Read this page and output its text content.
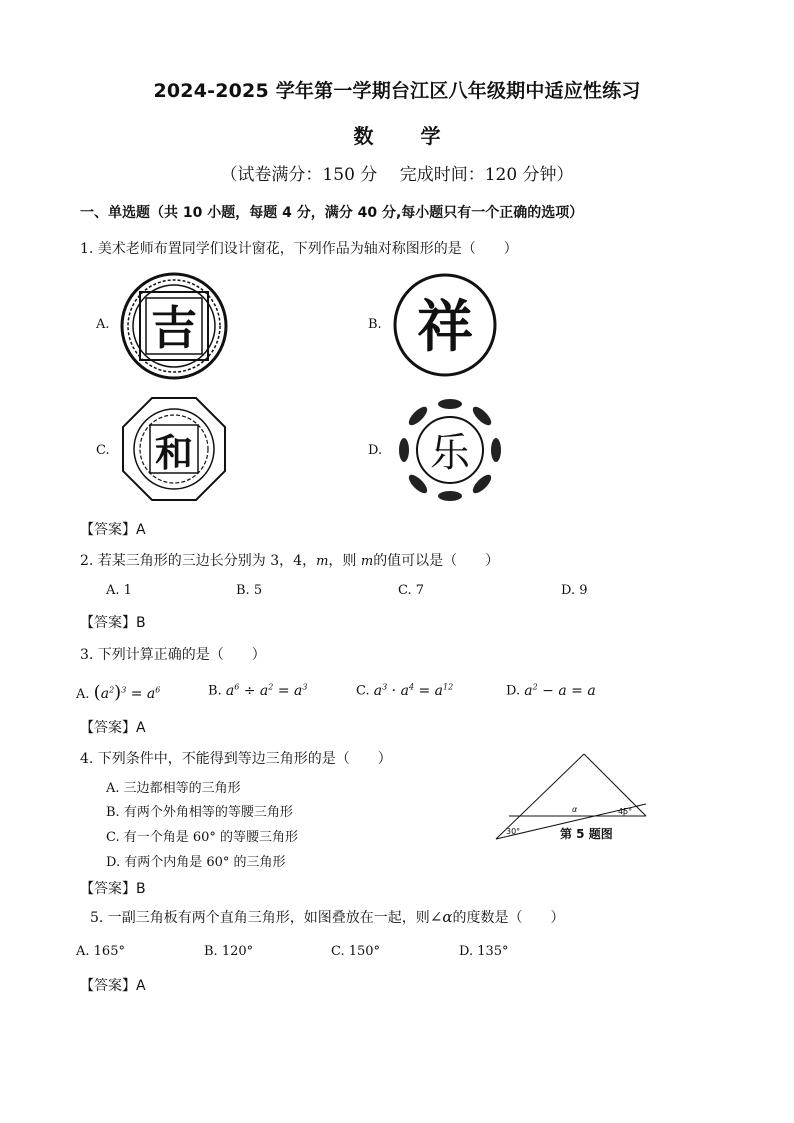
2024-2025 学年第一学期台江区八年级期中适应性练习
数 学
（试卷满分：150 分　 完成时间：120 分钟）
一、单选题（共 10 小题，每题 4 分，满分 40 分,每小题只有一个正确的选项）
1. 美术老师布置同学们设计窗花，下列作品为轴对称图形的是（　　）
A. 吉	B. 祥
C. 和	D. 乐
【答案】A
2. 若某三角形的三边长分别为 3，4，m，则 m的值可以是（　　）
A. 1	B. 5	C. 7	D. 9
【答案】B
3. 下列计算正确的是（　　）
A. $(a^2)^3 = a^6$	B. $a^6 \div a^2 = a^3$	C. $a^3 \cdot a^4 = a^{12}$	D. $a^2 - a = a$
【答案】A
4. 下列条件中，不能得到等边三角形的是（　　）
A. 三边都相等的三角形
B. 有两个外角相等的等腰三角形
C. 有一个角是 60° 的等腰三角形
D. 有两个内角是 60° 的三角形
【答案】B
30°
45°
α
第 5 题图
5. 一副三角板有两个直角三角形，如图叠放在一起，则∠α的度数是（　　）
A. 165°	B. 120°	C. 150°	D. 135°
【答案】A
